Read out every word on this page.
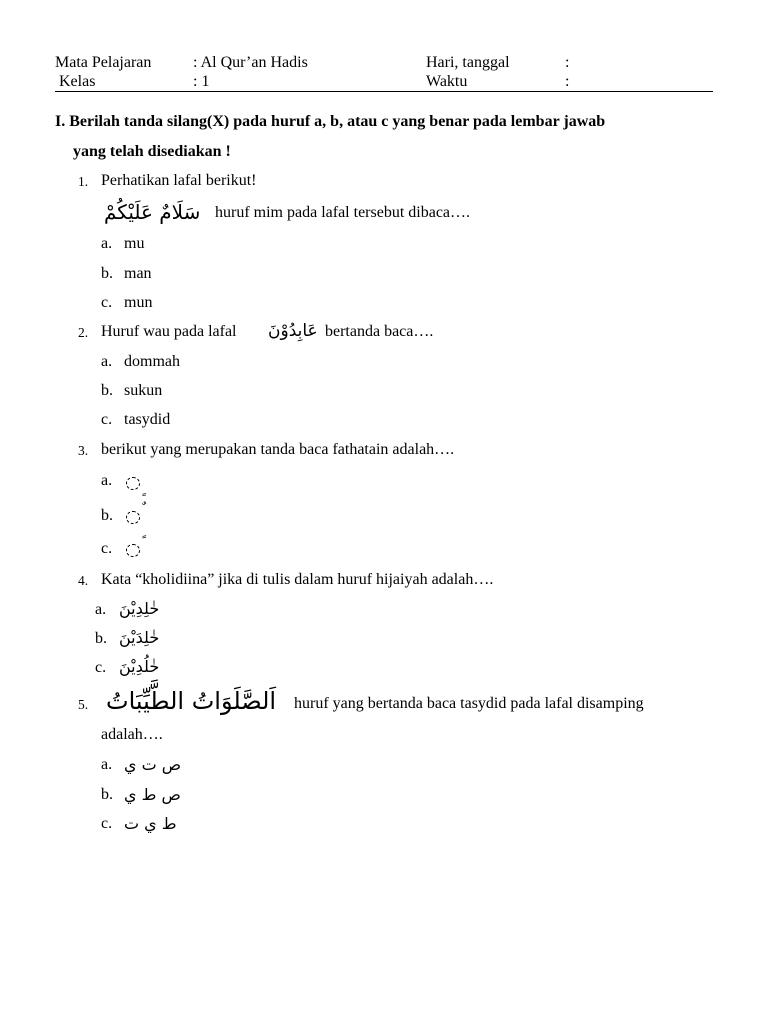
Mata Pelajaran	: Al Qur’an Hadis	Hari, tanggal	:
Kelas	: 1	Waktu	:
I. Berilah tanda silang(X) pada huruf a, b, atau c yang benar pada lembar jawab
yang telah disediakan !
1. Perhatikan lafal berikut!
سَلَامٌ عَلَيْكُمْ huruf mim pada lafal tersebut dibaca….
a. mu
b. man
c. mun
2. Huruf wau pada lafal عَابِدُوْنَ bertanda baca….
a. dommah
b. sukun
c. tasydid
3. berikut yang merupakan tanda baca fathatain adalah….
a.
b.
c.
4. Kata “kholidiina” jika di tulis dalam huruf hijaiyah adalah….
a. خٰلِدِيْنَ
b. خٰلِدَيْنَ
c. خٰلُدِيْنَ
5. اَلصَّلَوَاتُ الطَّيِّبَاتُ huruf yang bertanda baca tasydid pada lafal disamping
adalah….
a. ص ت ي
b. ص ط ي
c. ط ي ت
